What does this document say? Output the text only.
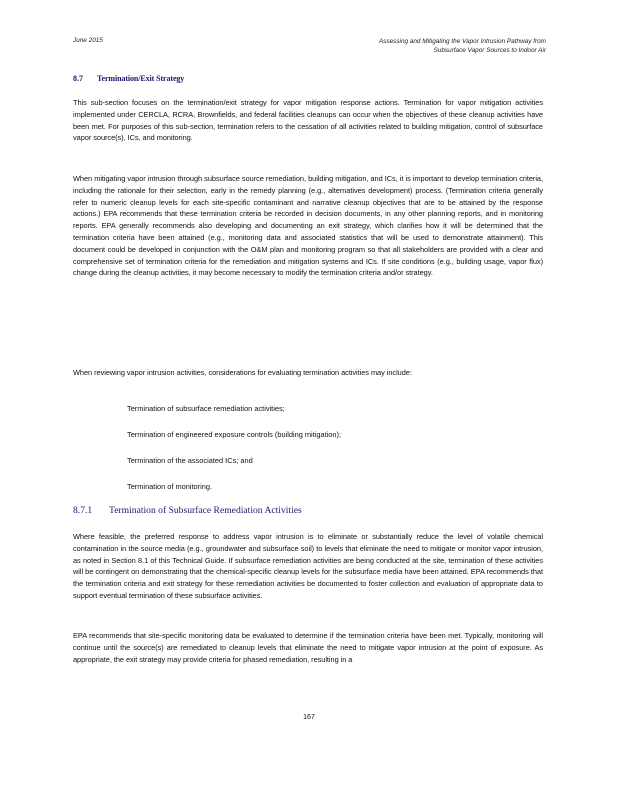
June 2015	Assessing and Mitigating the Vapor Intrusion Pathway from
Subsurface Vapor Sources to Indoor Air
8.7 Termination/Exit Strategy
This sub-section focuses on the termination/exit strategy for vapor mitigation response actions. Termination for vapor mitigation activities implemented under CERCLA, RCRA, Brownfields, and federal facilities cleanups can occur when the objectives of these cleanup activities have been met. For purposes of this sub-section, termination refers to the cessation of all activities related to building mitigation, control of subsurface vapor source(s), ICs, and monitoring.
When mitigating vapor intrusion through subsurface source remediation, building mitigation, and ICs, it is important to develop termination criteria, including the rationale for their selection, early in the remedy planning (e.g., alternatives development) process. (Termination criteria generally refer to numeric cleanup levels for each site-specific contaminant and narrative cleanup objectives that are to be attained by the response actions.) EPA recommends that these termination criteria be recorded in decision documents, in any other planning reports, and in monitoring reports. EPA generally recommends also developing and documenting an exit strategy, which clarifies how it will be determined that the termination criteria have been attained (e.g., monitoring data and associated statistics that will be used to demonstrate attainment). This document could be developed in conjunction with the O&M plan and monitoring program so that all stakeholders are provided with a clear and comprehensive set of termination criteria for the remediation and mitigation systems and ICs. If site conditions (e.g., building usage, vapor flux) change during the cleanup activities, it may become necessary to modify the termination criteria and/or strategy.
When reviewing vapor intrusion activities, considerations for evaluating termination activities may include:
Termination of subsurface remediation activities;
Termination of engineered exposure controls (building mitigation);
Termination of the associated ICs; and
Termination of monitoring.
8.7.1 Termination of Subsurface Remediation Activities
Where feasible, the preferred response to address vapor intrusion is to eliminate or substantially reduce the level of volatile chemical contamination in the source media (e.g., groundwater and subsurface soil) to levels that eliminate the need to mitigate or monitor vapor intrusion, as noted in Section 8.1 of this Technical Guide. If subsurface remediation activities are being conducted at the site, termination of these activities will be contingent on demonstrating that the chemical-specific cleanup levels for the subsurface media have been attained. EPA recommends that the termination criteria and exit strategy for these remediation activities be documented to foster collection and evaluation of appropriate data to support eventual termination of these subsurface activities.
EPA recommends that site-specific monitoring data be evaluated to determine if the termination criteria have been met. Typically, monitoring will continue until the source(s) are remediated to cleanup levels that eliminate the need to mitigate vapor intrusion at the point of exposure. As appropriate, the exit strategy may provide criteria for phased remediation, resulting in a
167
